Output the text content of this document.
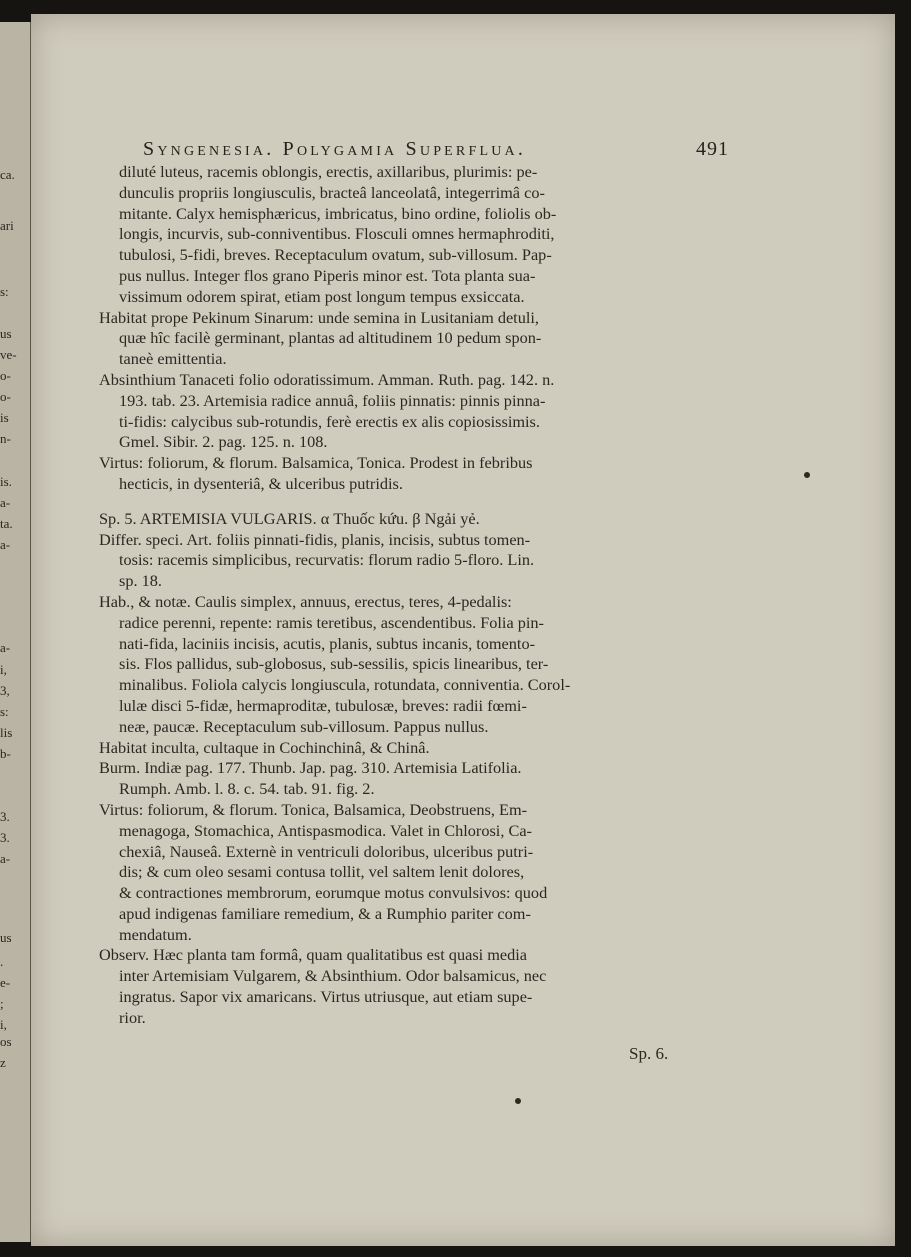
ca.
ari
s:
us
ve-
o-
o-
is
n-
is.
a-
ta.
a-
a-
i,
3,
s:
lis
b-
3.
3.
a-
us
.
e-
;
i,
os
z
Syngenesia. Polygamia Superflua.	491
diluté luteus, racemis oblongis, erectis, axillaribus, plurimis: pe-
dunculis propriis longiusculis, bracteâ lanceolatâ, integerrimâ co-
mitante. Calyx hemisphæricus, imbricatus, bino ordine, foliolis ob-
longis, incurvis, sub-conniventibus. Flosculi omnes hermaphroditi,
tubulosi, 5-fidi, breves. Receptaculum ovatum, sub-villosum. Pap-
pus nullus. Integer flos grano Piperis minor est. Tota planta sua-
vissimum odorem spirat, etiam post longum tempus exsiccata.
Habitat prope Pekinum Sinarum: unde semina in Lusitaniam detuli,
quæ hîc facilè germinant, plantas ad altitudinem 10 pedum spon-
taneè emittentia.
Absinthium Tanaceti folio odoratissimum. Amman. Ruth. pag. 142. n.
193. tab. 23. Artemisia radice annuâ, foliis pinnatis: pinnis pinna-
ti-fidis: calycibus sub-rotundis, ferè erectis ex alis copiosissimis.
Gmel. Sibir. 2. pag. 125. n. 108.
Virtus: foliorum, & florum. Balsamica, Tonica. Prodest in febribus
hecticis, in dysenteriâ, & ulceribus putridis.
Sp. 5. ARTEMISIA VULGARIS. α Thuốc kứu. β Ngải yẻ.
Differ. speci. Art. foliis pinnati-fidis, planis, incisis, subtus tomen-
tosis: racemis simplicibus, recurvatis: florum radio 5-floro. Lin.
sp. 18.
Hab., & notæ. Caulis simplex, annuus, erectus, teres, 4-pedalis:
radice perenni, repente: ramis teretibus, ascendentibus. Folia pin-
nati-fida, laciniis incisis, acutis, planis, subtus incanis, tomento-
sis. Flos pallidus, sub-globosus, sub-sessilis, spicis linearibus, ter-
minalibus. Foliola calycis longiuscula, rotundata, conniventia. Corol-
lulæ disci 5-fidæ, hermaproditæ, tubulosæ, breves: radii fœmi-
neæ, paucæ. Receptaculum sub-villosum. Pappus nullus.
Habitat inculta, cultaque in Cochinchinâ, & Chinâ.
Burm. Indiæ pag. 177. Thunb. Jap. pag. 310. Artemisia Latifolia.
Rumph. Amb. l. 8. c. 54. tab. 91. fig. 2.
Virtus: foliorum, & florum. Tonica, Balsamica, Deobstruens, Em-
menagoga, Stomachica, Antispasmodica. Valet in Chlorosi, Ca-
chexiâ, Nauseâ. Externè in ventriculi doloribus, ulceribus putri-
dis; & cum oleo sesami contusa tollit, vel saltem lenit dolores,
& contractiones membrorum, eorumque motus convulsivos: quod
apud indigenas familiare remedium, & a Rumphio pariter com-
mendatum.
Observ. Hæc planta tam formâ, quam qualitatibus est quasi media
inter Artemisiam Vulgarem, & Absinthium. Odor balsamicus, nec
ingratus. Sapor vix amaricans. Virtus utriusque, aut etiam supe-
rior.
Sp. 6.
